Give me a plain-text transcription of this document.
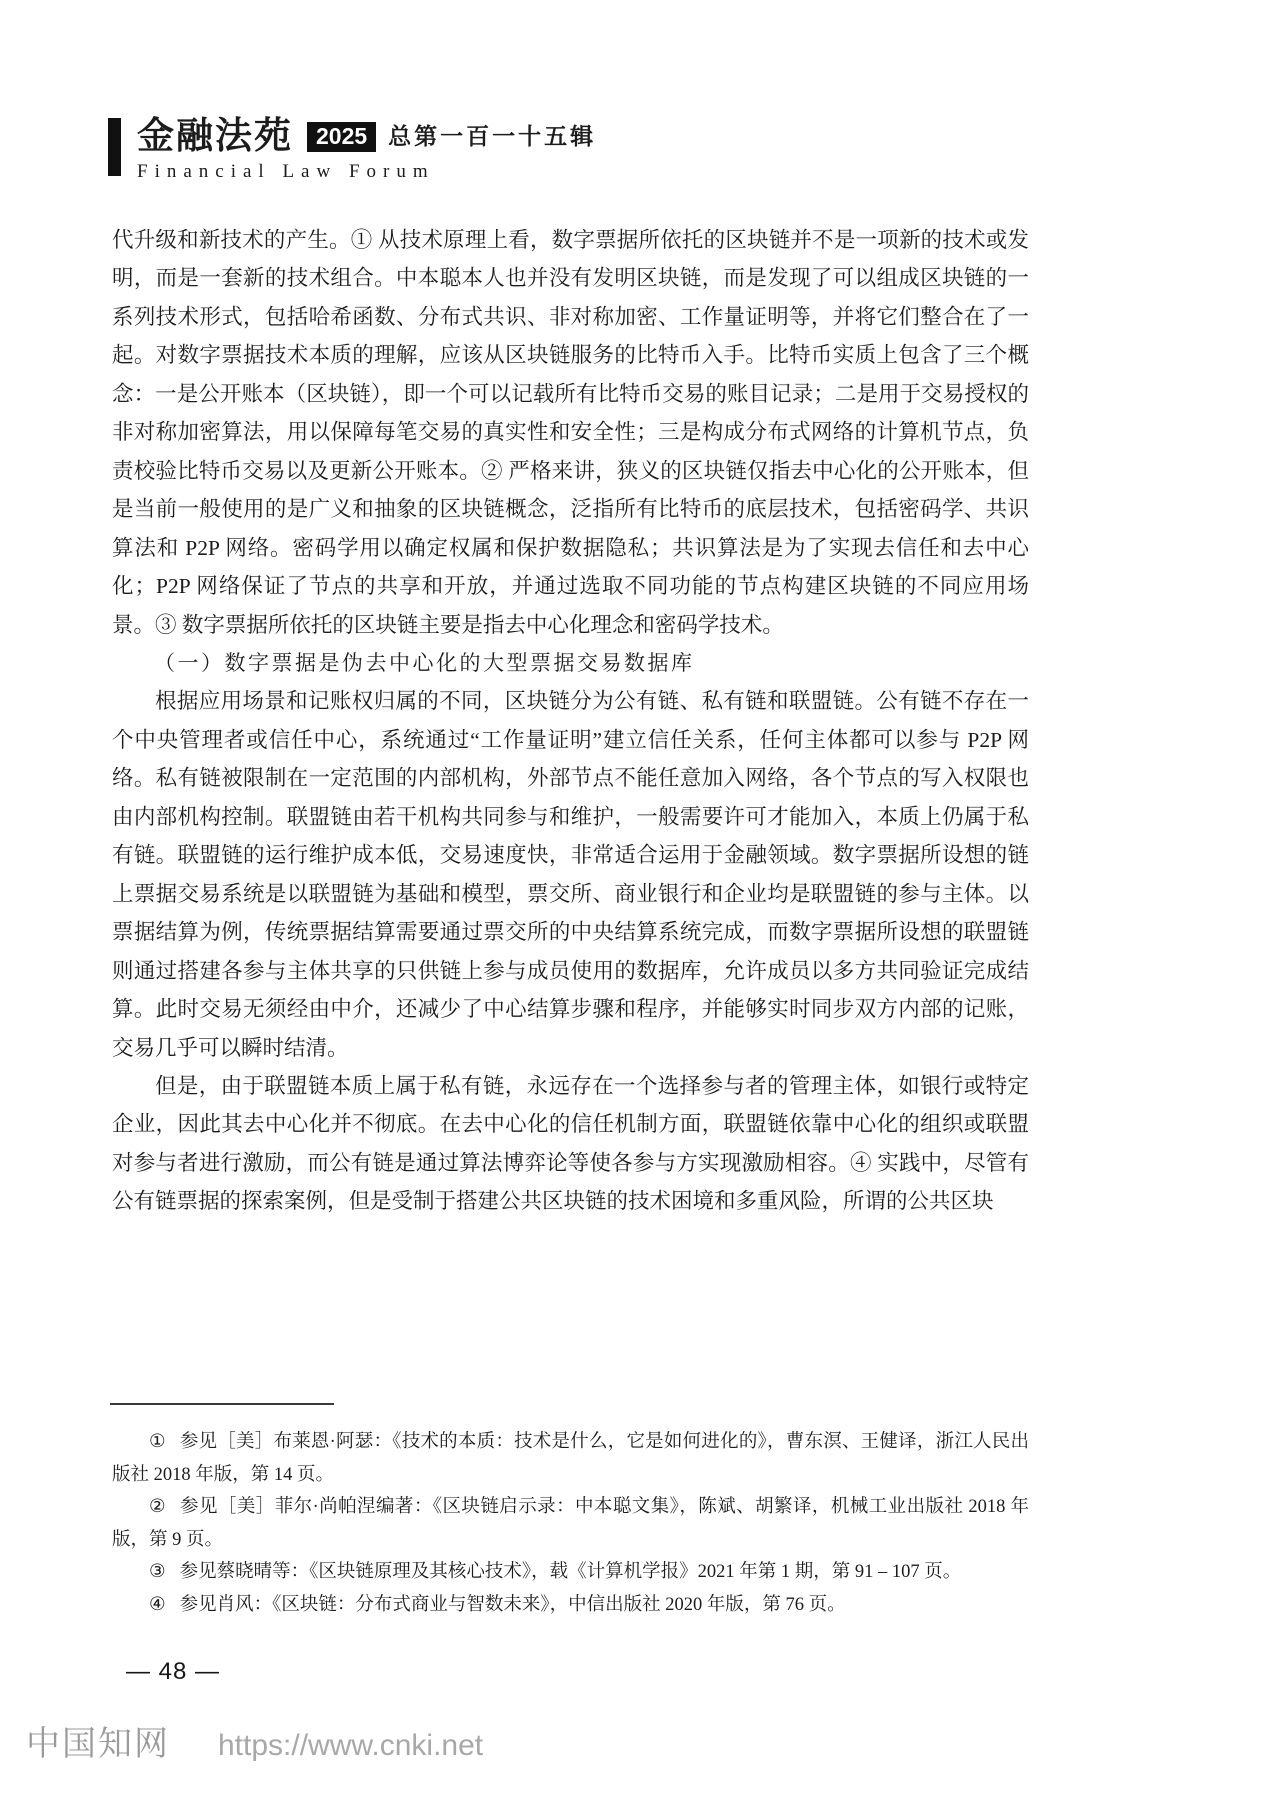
金融法苑	2025 总第一百一十五辑
Financial Law Forum

代升级和新技术的产生。① 从技术原理上看，数字票据所依托的区块链并不是一项新的技术或发明，而是一套新的技术组合。中本聪本人也并没有发明区块链，而是发现了可以组成区块链的一系列技术形式，包括哈希函数、分布式共识、非对称加密、工作量证明等，并将它们整合在了一起。对数字票据技术本质的理解，应该从区块链服务的比特币入手。比特币实质上包含了三个概念：一是公开账本（区块链），即一个可以记载所有比特币交易的账目记录；二是用于交易授权的非对称加密算法，用以保障每笔交易的真实性和安全性；三是构成分布式网络的计算机节点，负责校验比特币交易以及更新公开账本。② 严格来讲，狭义的区块链仅指去中心化的公开账本，但是当前一般使用的是广义和抽象的区块链概念，泛指所有比特币的底层技术，包括密码学、共识算法和 P2P 网络。密码学用以确定权属和保护数据隐私；共识算法是为了实现去信任和去中心化；P2P 网络保证了节点的共享和开放，并通过选取不同功能的节点构建区块链的不同应用场景。③ 数字票据所依托的区块链主要是指去中心化理念和密码学技术。

（一）数字票据是伪去中心化的大型票据交易数据库

根据应用场景和记账权归属的不同，区块链分为公有链、私有链和联盟链。公有链不存在一个中央管理者或信任中心，系统通过“工作量证明”建立信任关系，任何主体都可以参与 P2P 网络。私有链被限制在一定范围的内部机构，外部节点不能任意加入网络，各个节点的写入权限也由内部机构控制。联盟链由若干机构共同参与和维护，一般需要许可才能加入，本质上仍属于私有链。联盟链的运行维护成本低，交易速度快，非常适合运用于金融领域。数字票据所设想的链上票据交易系统是以联盟链为基础和模型，票交所、商业银行和企业均是联盟链的参与主体。以票据结算为例，传统票据结算需要通过票交所的中央结算系统完成，而数字票据所设想的联盟链则通过搭建各参与主体共享的只供链上参与成员使用的数据库，允许成员以多方共同验证完成结算。此时交易无须经由中介，还减少了中心结算步骤和程序，并能够实时同步双方内部的记账，交易几乎可以瞬时结清。

但是，由于联盟链本质上属于私有链，永远存在一个选择参与者的管理主体，如银行或特定企业，因此其去中心化并不彻底。在去中心化的信任机制方面，联盟链依靠中心化的组织或联盟对参与者进行激励，而公有链是通过算法博弈论等使各参与方实现激励相容。④ 实践中，尽管有公有链票据的探索案例，但是受制于搭建公共区块链的技术困境和多重风险，所谓的公共区块

① 参见［美］布莱恩·阿瑟：《技术的本质：技术是什么，它是如何进化的》，曹东溟、王健译，浙江人民出版社 2018 年版，第 14 页。

② 参见［美］菲尔·尚帕涅编著：《区块链启示录：中本聪文集》，陈斌、胡繁译，机械工业出版社 2018 年版，第 9 页。

③ 参见蔡晓晴等：《区块链原理及其核心技术》，载《计算机学报》2021 年第 1 期，第 91 – 107 页。

④ 参见肖风：《区块链：分布式商业与智数未来》，中信出版社 2020 年版，第 76 页。

— 48 —
中国知网 https://www.cnki.net
